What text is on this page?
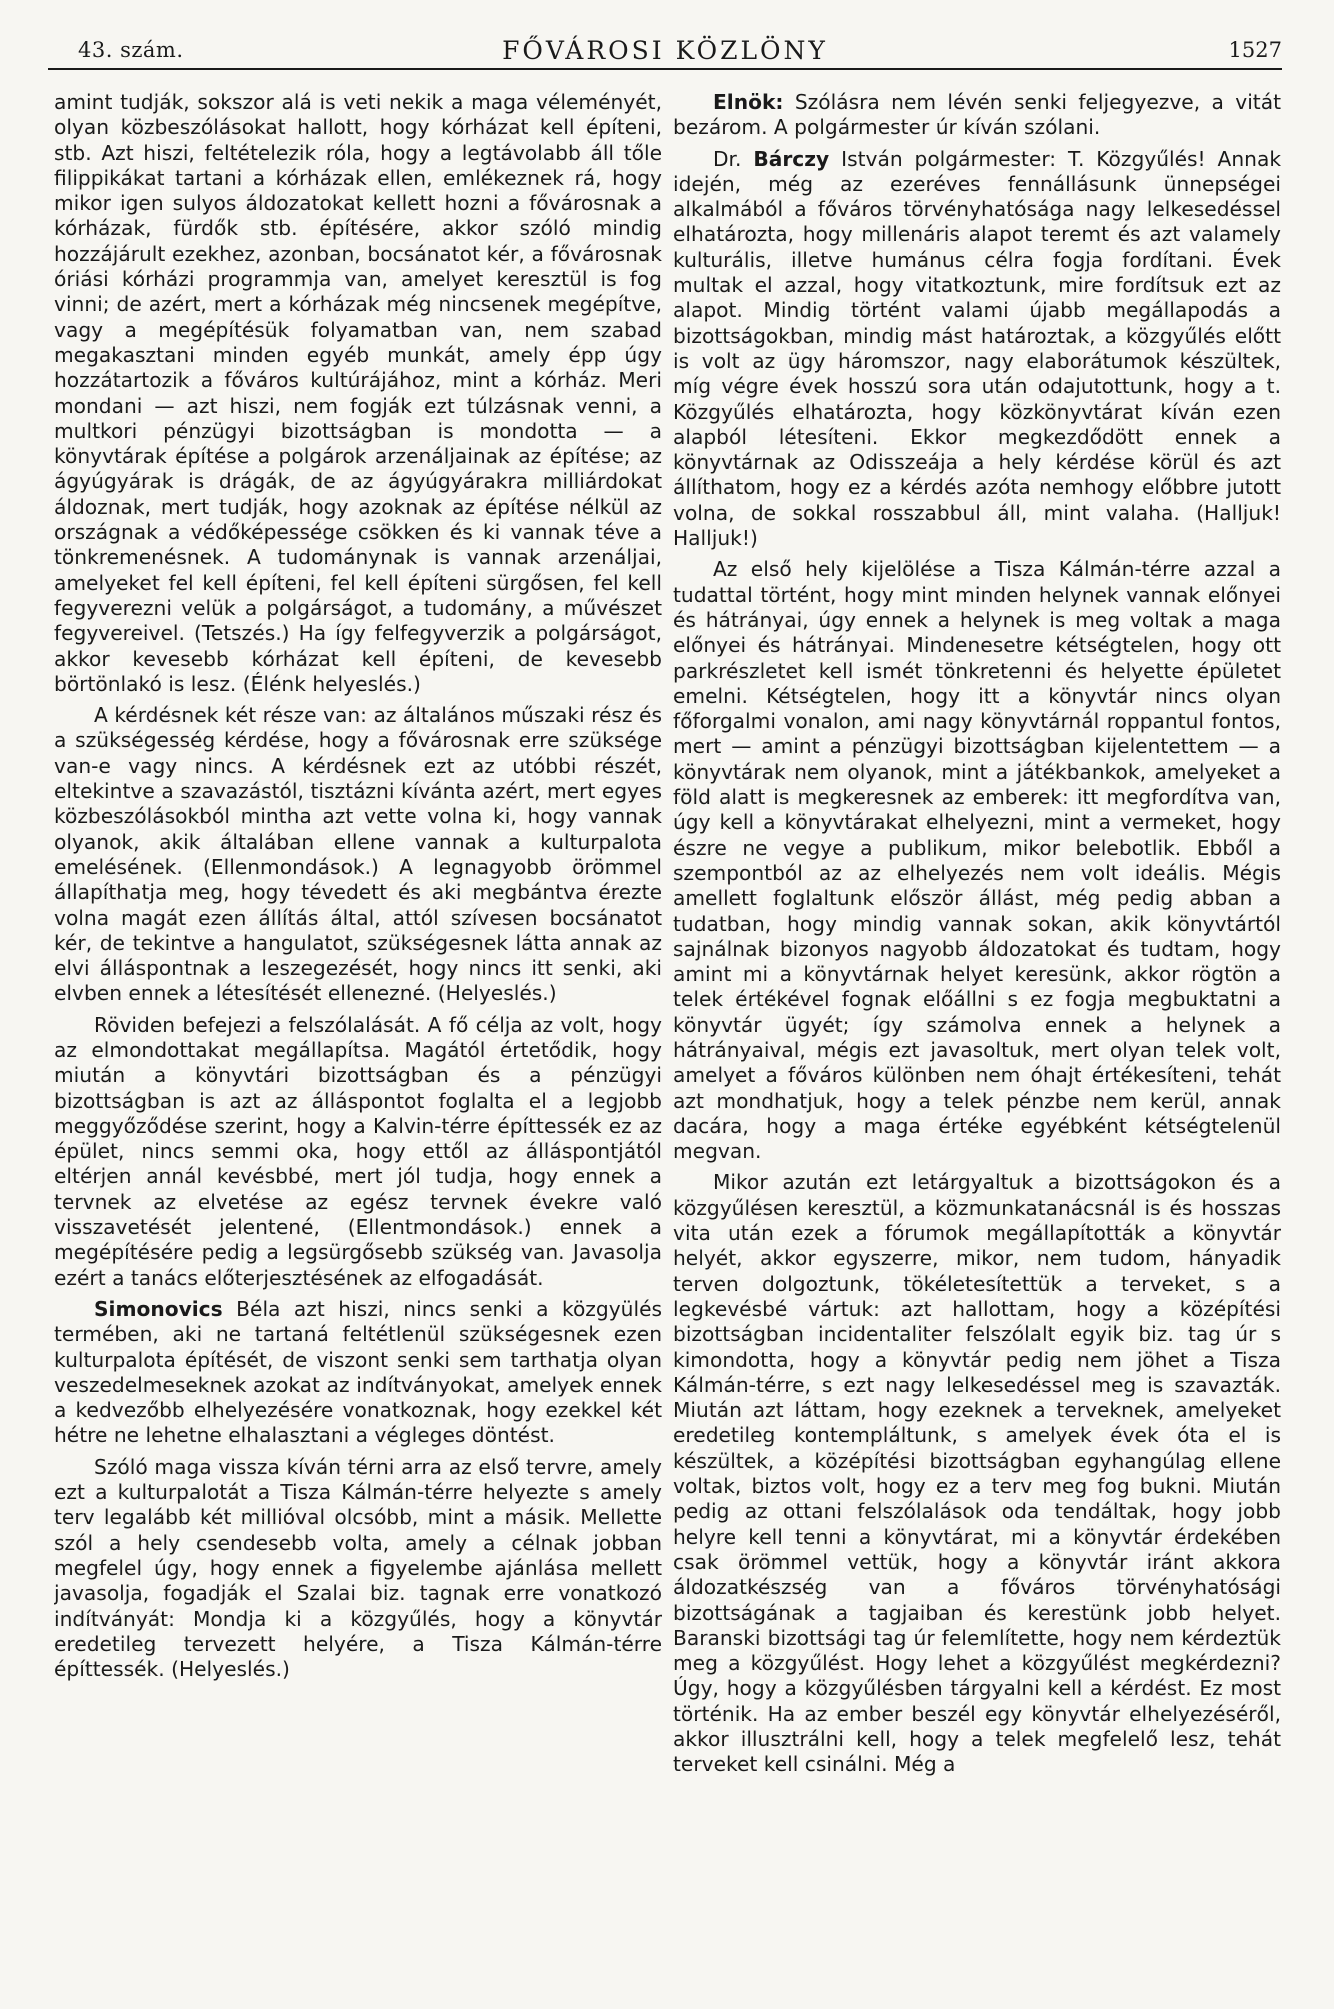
43. szám.	FŐVÁROSI KÖZLÖNY	1527

amint tudják, sokszor alá is veti nekik a maga véleményét, olyan közbeszólásokat hallott, hogy kórházat kell építeni, stb. Azt hiszi, feltételezik róla, hogy a legtávolabb áll tőle filippikákat tartani a kórházak ellen, emlékeznek rá, hogy mikor igen sulyos áldozatokat kellett hozni a fővárosnak a kórházak, fürdők stb. építésére, akkor szóló mindig hozzájárult ezekhez, azonban, bocsánatot kér, a fővárosnak óriási kórházi programmja van, amelyet keresztül is fog vinni; de azért, mert a kórházak még nincsenek megépítve, vagy a megépítésük folyamatban van, nem szabad megakasztani minden egyéb munkát, amely épp úgy hozzátartozik a főváros kultúrájához, mint a kórház. Meri mondani — azt hiszi, nem fogják ezt túlzásnak venni, a multkori pénzügyi bizottságban is mondotta — a könyvtárak építése a polgárok arzenáljainak az építése; az ágyúgyárak is drágák, de az ágyúgyárakra milliárdokat áldoznak, mert tudják, hogy azoknak az építése nélkül az országnak a védőképessége csökken és ki vannak téve a tönkremenésnek. A tudománynak is vannak arzenáljai, amelyeket fel kell építeni, fel kell építeni sürgősen, fel kell fegyverezni velük a polgárságot, a tudomány, a művészet fegyvereivel. (Tetszés.) Ha így felfegyverzik a polgárságot, akkor kevesebb kórházat kell építeni, de kevesebb börtönlakó is lesz. (Élénk helyeslés.)

A kérdésnek két része van: az általános műszaki rész és a szükségesség kérdése, hogy a fővárosnak erre szüksége van-e vagy nincs. A kérdésnek ezt az utóbbi részét, eltekintve a szavazástól, tisztázni kívánta azért, mert egyes közbeszólásokból mintha azt vette volna ki, hogy vannak olyanok, akik általában ellene vannak a kulturpalota emelésének. (Ellenmondások.) A legnagyobb örömmel állapíthatja meg, hogy tévedett és aki megbántva érezte volna magát ezen állítás által, attól szívesen bocsánatot kér, de tekintve a hangulatot, szükségesnek látta annak az elvi álláspontnak a leszegezését, hogy nincs itt senki, aki elvben ennek a létesítését ellenezné. (Helyeslés.)

Röviden befejezi a felszólalását. A fő célja az volt, hogy az elmondottakat megállapítsa. Magától értetődik, hogy miután a könyvtári bizottságban és a pénzügyi bizottságban is azt az álláspontot foglalta el a legjobb meggyőződése szerint, hogy a Kalvin-térre építtessék ez az épület, nincs semmi oka, hogy ettől az álláspontjától eltérjen annál kevésbbé, mert jól tudja, hogy ennek a tervnek az elvetése az egész tervnek évekre való visszavetését jelentené, (Ellentmondások.) ennek a megépítésére pedig a legsürgősebb szükség van. Javasolja ezért a tanács előterjesztésének az elfogadását.

Simonovics Béla azt hiszi, nincs senki a közgyülés termében, aki ne tartaná feltétlenül szükségesnek ezen kulturpalota építését, de viszont senki sem tarthatja olyan veszedelmeseknek azokat az indítványokat, amelyek ennek a kedvezőbb elhelyezésére vonatkoznak, hogy ezekkel két hétre ne lehetne elhalasztani a végleges döntést.

Szóló maga vissza kíván térni arra az első tervre, amely ezt a kulturpalotát a Tisza Kálmán-térre helyezte s amely terv legalább két millióval olcsóbb, mint a másik. Mellette szól a hely csendesebb volta, amely a célnak jobban megfelel úgy, hogy ennek a figyelembe ajánlása mellett javasolja, fogadják el Szalai biz. tagnak erre vonatkozó indítványát: Mondja ki a közgyűlés, hogy a könyvtár eredetileg tervezett helyére, a Tisza Kálmán-térre építtessék. (Helyeslés.)

Elnök: Szólásra nem lévén senki feljegyezve, a vitát bezárom. A polgármester úr kíván szólani.

Dr. Bárczy István polgármester: T. Közgyűlés! Annak idején, még az ezeréves fennállásunk ünnepségei alkalmából a főváros törvényhatósága nagy lelkesedéssel elhatározta, hogy millenáris alapot teremt és azt valamely kulturális, illetve humánus célra fogja fordítani. Évek multak el azzal, hogy vitatkoztunk, mire fordítsuk ezt az alapot. Mindig történt valami újabb megállapodás a bizottságokban, mindig mást határoztak, a közgyűlés előtt is volt az ügy háromszor, nagy elaborátumok készültek, míg végre évek hosszú sora után odajutottunk, hogy a t. Közgyűlés elhatározta, hogy közkönyvtárat kíván ezen alapból létesíteni. Ekkor megkezdődött ennek a könyvtárnak az Odisszeája a hely kérdése körül és azt állíthatom, hogy ez a kérdés azóta nemhogy előbbre jutott volna, de sokkal rosszabbul áll, mint valaha. (Halljuk! Halljuk!)

Az első hely kijelölése a Tisza Kálmán-térre azzal a tudattal történt, hogy mint minden helynek vannak előnyei és hátrányai, úgy ennek a helynek is meg voltak a maga előnyei és hátrányai. Mindenesetre kétségtelen, hogy ott parkrészletet kell ismét tönkretenni és helyette épületet emelni. Kétségtelen, hogy itt a könyvtár nincs olyan főforgalmi vonalon, ami nagy könyvtárnál roppantul fontos, mert — amint a pénzügyi bizottságban kijelentettem — a könyvtárak nem olyanok, mint a játékbankok, amelyeket a föld alatt is megkeresnek az emberek: itt megfordítva van, úgy kell a könyvtárakat elhelyezni, mint a vermeket, hogy észre ne vegye a publikum, mikor belebotlik. Ebből a szempontból az az elhelyezés nem volt ideális. Mégis amellett foglaltunk először állást, még pedig abban a tudatban, hogy mindig vannak sokan, akik könyvtártól sajnálnak bizonyos nagyobb áldozatokat és tudtam, hogy amint mi a könyvtárnak helyet keresünk, akkor rögtön a telek értékével fognak előállni s ez fogja megbuktatni a könyvtár ügyét; így számolva ennek a helynek a hátrányaival, mégis ezt javasoltuk, mert olyan telek volt, amelyet a főváros különben nem óhajt értékesíteni, tehát azt mondhatjuk, hogy a telek pénzbe nem kerül, annak dacára, hogy a maga értéke egyébként kétségtelenül megvan.

Mikor azután ezt letárgyaltuk a bizottságokon és a közgyűlésen keresztül, a közmunkatanácsnál is és hosszas vita után ezek a fórumok megállapították a könyvtár helyét, akkor egyszerre, mikor, nem tudom, hányadik terven dolgoztunk, tökéletesítettük a terveket, s a legkevésbé vártuk: azt hallottam, hogy a középítési bizottságban incidentaliter felszólalt egyik biz. tag úr s kimondotta, hogy a könyvtár pedig nem jöhet a Tisza Kálmán-térre, s ezt nagy lelkesedéssel meg is szavazták. Miután azt láttam, hogy ezeknek a terveknek, amelyeket eredetileg kontempláltunk, s amelyek évek óta el is készültek, a középítési bizottságban egyhangúlag ellene voltak, biztos volt, hogy ez a terv meg fog bukni. Miután pedig az ottani felszólalások oda tendáltak, hogy jobb helyre kell tenni a könyvtárat, mi a könyvtár érdekében csak örömmel vettük, hogy a könyvtár iránt akkora áldozatkészség van a főváros törvényhatósági bizottságának a tagjaiban és kerestünk jobb helyet. Baranski bizottsági tag úr felemlítette, hogy nem kérdeztük meg a közgyűlést. Hogy lehet a közgyűlést megkérdezni? Úgy, hogy a közgyűlésben tárgyalni kell a kérdést. Ez most történik. Ha az ember beszél egy könyvtár elhelyezéséről, akkor illusztrálni kell, hogy a telek megfelelő lesz, tehát terveket kell csinálni. Még a
